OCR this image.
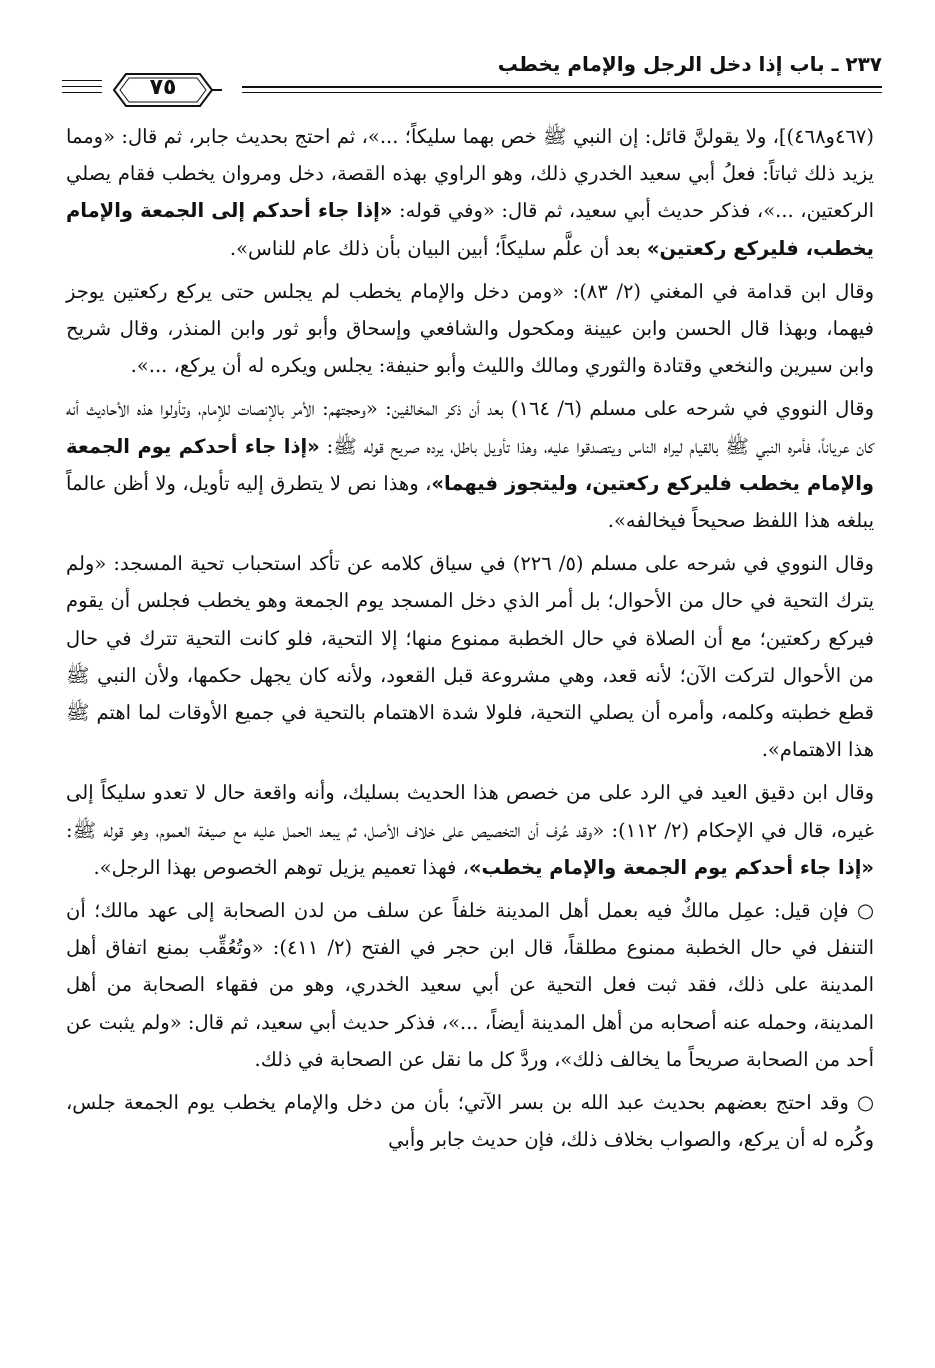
٢٣٧ ـ باب إذا دخل الرجل والإمام يخطب
٧٥

(٤٦٧و٤٦٨)]، ولا يقولنَّ قائل: إن النبي ﷺ خص بهما سليكاً؛ ...»، ثم احتج بحديث جابر، ثم قال: «ومما يزيد ذلك ثباتاً: فعلُ أبي سعيد الخدري ذلك، وهو الراوي بهذه القصة، دخل ومروان يخطب فقام يصلي الركعتين، ...»، فذكر حديث أبي سعيد، ثم قال: «وفي قوله: «إذا جاء أحدكم إلى الجمعة والإمام يخطب، فليركع ركعتين» بعد أن علَّم سليكاً؛ أبين البيان بأن ذلك عام للناس».

وقال ابن قدامة في المغني (٢/ ٨٣): «ومن دخل والإمام يخطب لم يجلس حتى يركع ركعتين يوجز فيهما، وبهذا قال الحسن وابن عيينة ومكحول والشافعي وإسحاق وأبو ثور وابن المنذر، وقال شريح وابن سيرين والنخعي وقتادة والثوري ومالك والليث وأبو حنيفة: يجلس ويكره له أن يركع، ...».

وقال النووي في شرحه على مسلم (٦/ ١٦٤) بعد أن ذكر المخالفين: «وحجتهم: الأمر بالإنصات للإمام، وتأولوا هذه الأحاديث أنه كان عرياناً، فأمره النبي ﷺ بالقيام ليراه الناس ويتصدقوا عليه، وهذا تأويل باطل، يرده صريح قوله ﷺ: «إذا جاء أحدكم يوم الجمعة والإمام يخطب فليركع ركعتين، وليتجوز فيهما»، وهذا نص لا يتطرق إليه تأويل، ولا أظن عالماً يبلغه هذا اللفظ صحيحاً فيخالفه».

وقال النووي في شرحه على مسلم (٥/ ٢٢٦) في سياق كلامه عن تأكد استحباب تحية المسجد: «ولم يترك التحية في حال من الأحوال؛ بل أمر الذي دخل المسجد يوم الجمعة وهو يخطب فجلس أن يقوم فيركع ركعتين؛ مع أن الصلاة في حال الخطبة ممنوع منها؛ إلا التحية، فلو كانت التحية تترك في حال من الأحوال لتركت الآن؛ لأنه قعد، وهي مشروعة قبل القعود، ولأنه كان يجهل حكمها، ولأن النبي ﷺ قطع خطبته وكلمه، وأمره أن يصلي التحية، فلولا شدة الاهتمام بالتحية في جميع الأوقات لما اهتم ﷺ هذا الاهتمام».

وقال ابن دقيق العيد في الرد على من خصص هذا الحديث بسليك، وأنه واقعة حال لا تعدو سليكاً إلى غيره، قال في الإحكام (٢/ ١١٢): «وقد عُرف أن التخصيص على خلاف الأصل، ثم يبعد الحمل عليه مع صيغة العموم، وهو قوله ﷺ: «إذا جاء أحدكم يوم الجمعة والإمام يخطب»، فهذا تعميم يزيل توهم الخصوص بهذا الرجل».

○ فإن قيل: عمِل مالكٌ فيه بعمل أهل المدينة خلفاً عن سلف من لدن الصحابة إلى عهد مالك؛ أن التنفل في حال الخطبة ممنوع مطلقاً، قال ابن حجر في الفتح (٢/ ٤١١): «وتُعُقِّب بمنع اتفاق أهل المدينة على ذلك، فقد ثبت فعل التحية عن أبي سعيد الخدري، وهو من فقهاء الصحابة من أهل المدينة، وحمله عنه أصحابه من أهل المدينة أيضاً، ...»، فذكر حديث أبي سعيد، ثم قال: «ولم يثبت عن أحد من الصحابة صريحاً ما يخالف ذلك»، وردَّ كل ما نقل عن الصحابة في ذلك.

○ وقد احتج بعضهم بحديث عبد الله بن بسر الآتي؛ بأن من دخل والإمام يخطب يوم الجمعة جلس، وكُره له أن يركع، والصواب بخلاف ذلك، فإن حديث جابر وأبي
